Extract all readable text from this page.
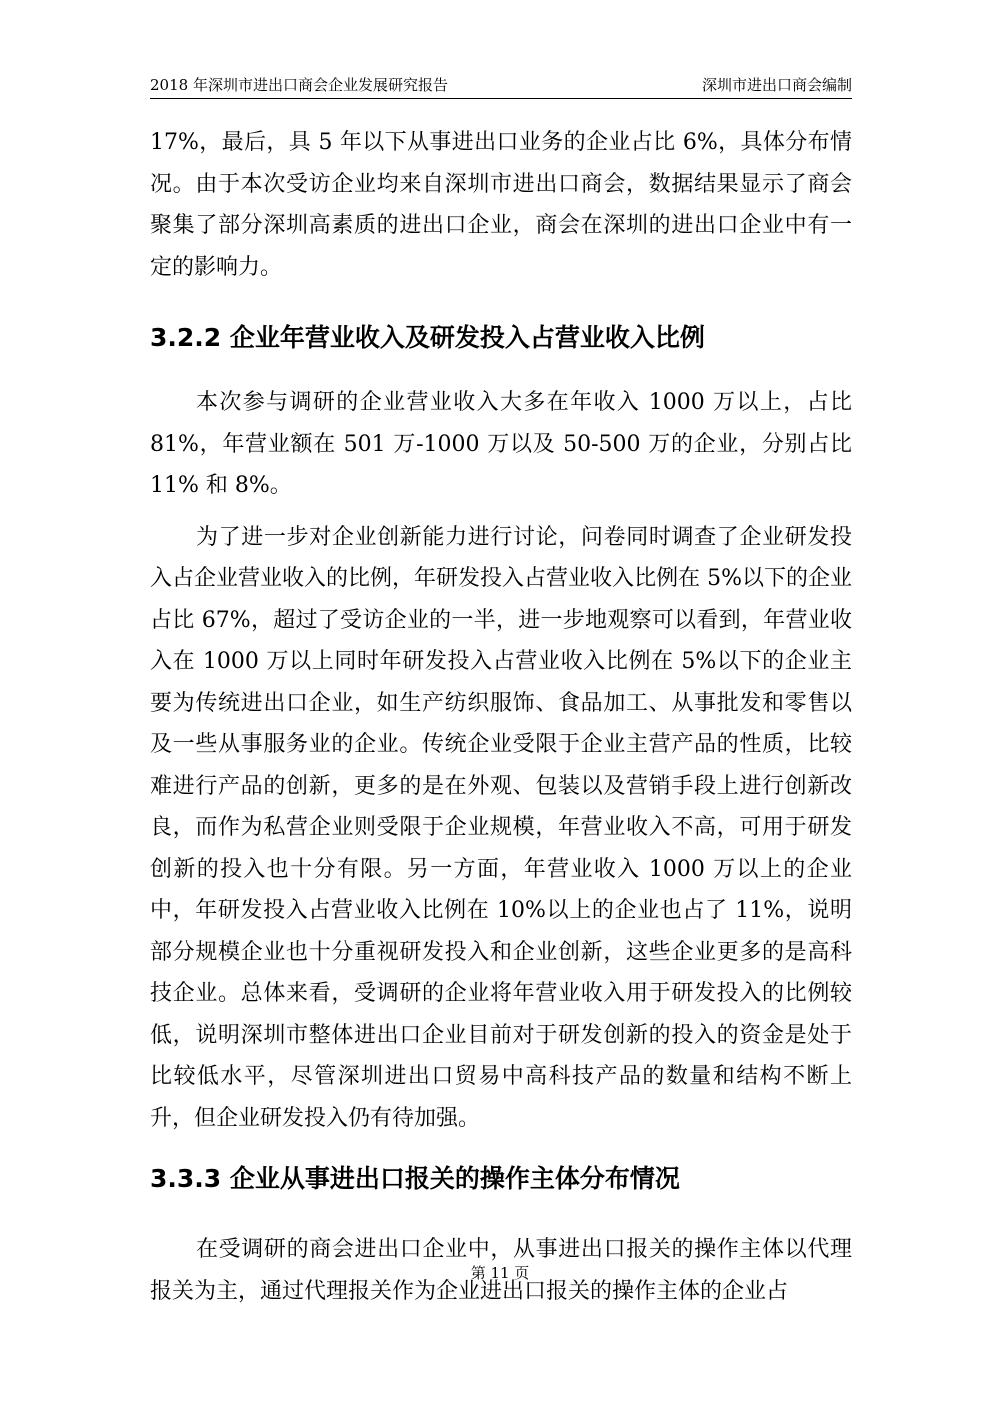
2018 年深圳市进出口商会企业发展研究报告	深圳市进出口商会编制

17%，最后，具 5 年以下从事进出口业务的企业占比 6%，具体分布情况。由于本次受访企业均来自深圳市进出口商会，数据结果显示了商会聚集了部分深圳高素质的进出口企业，商会在深圳的进出口企业中有一定的影响力。

3.2.2 企业年营业收入及研发投入占营业收入比例

本次参与调研的企业营业收入大多在年收入 1000 万以上，占比 81%，年营业额在 501 万-1000 万以及 50-500 万的企业，分别占比 11% 和 8%。

为了进一步对企业创新能力进行讨论，问卷同时调查了企业研发投入占企业营业收入的比例，年研发投入占营业收入比例在 5%以下的企业占比 67%，超过了受访企业的一半，进一步地观察可以看到，年营业收入在 1000 万以上同时年研发投入占营业收入比例在 5%以下的企业主要为传统进出口企业，如生产纺织服饰、食品加工、从事批发和零售以及一些从事服务业的企业。传统企业受限于企业主营产品的性质，比较难进行产品的创新，更多的是在外观、包装以及营销手段上进行创新改良，而作为私营企业则受限于企业规模，年营业收入不高，可用于研发创新的投入也十分有限。另一方面，年营业收入 1000 万以上的企业中，年研发投入占营业收入比例在 10%以上的企业也占了 11%，说明部分规模企业也十分重视研发投入和企业创新，这些企业更多的是高科技企业。总体来看，受调研的企业将年营业收入用于研发投入的比例较低，说明深圳市整体进出口企业目前对于研发创新的投入的资金是处于比较低水平，尽管深圳进出口贸易中高科技产品的数量和结构不断上升，但企业研发投入仍有待加强。

3.3.3 企业从事进出口报关的操作主体分布情况

在受调研的商会进出口企业中，从事进出口报关的操作主体以代理报关为主，通过代理报关作为企业进出口报关的操作主体的企业占

第 11 页
